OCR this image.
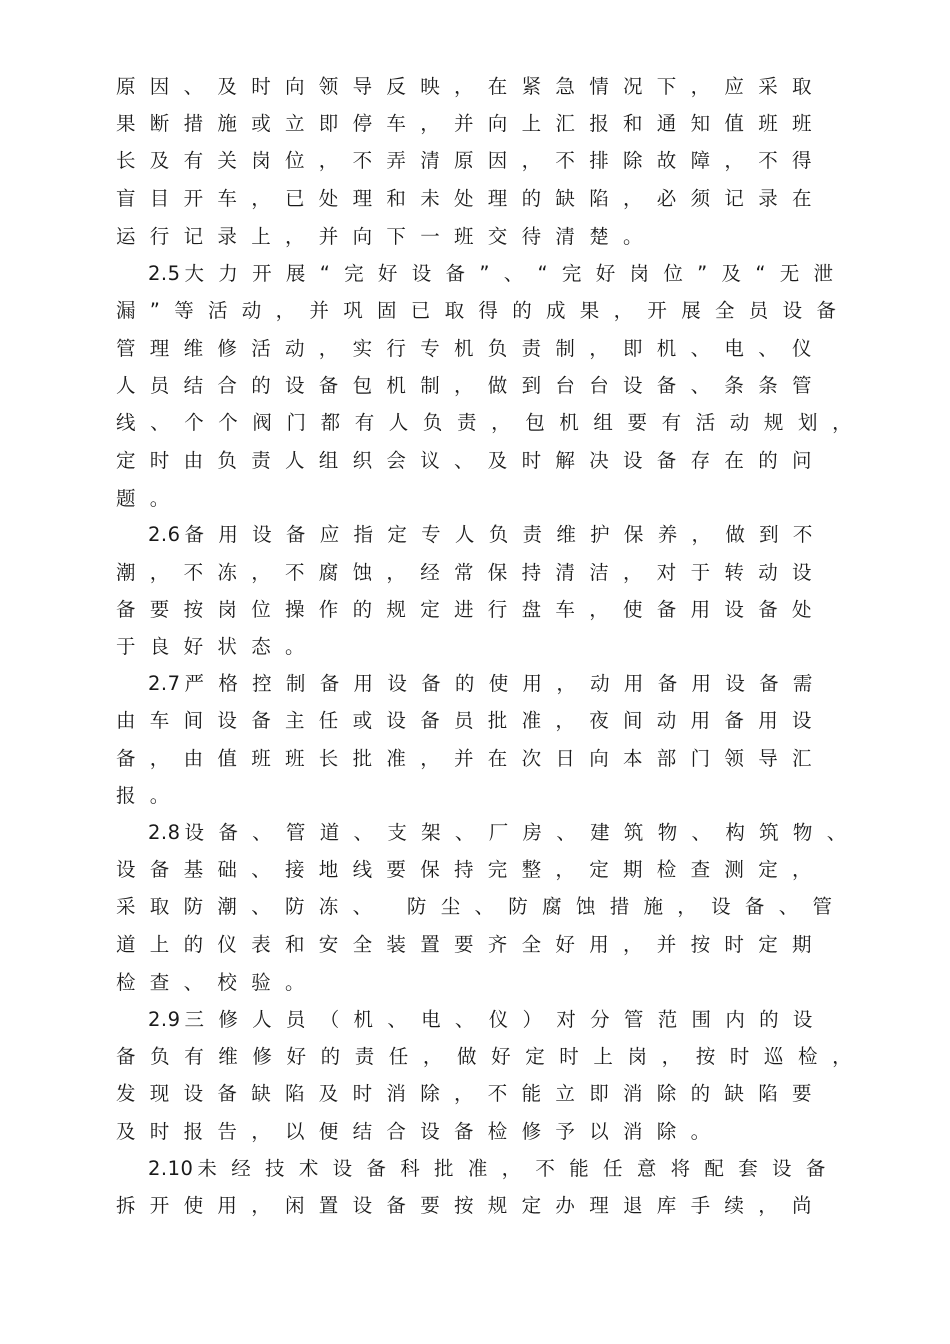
原因、及时向领导反映，在紧急情况下，应采取
果断措施或立即停车，并向上汇报和通知值班班
长及有关岗位，不弄清原因，不排除故障，不得
盲目开车，已处理和未处理的缺陷，必须记录在
运行记录上，并向下一班交待清楚。
2.5 大力开展“完好设备”、“完好岗位”及“无泄
漏”等活动，并巩固已取得的成果，开展全员设备
管理维修活动，实行专机负责制，即机、电、仪
人员结合的设备包机制，做到台台设备、条条管
线、个个阀门都有人负责，包机组要有活动规划，
定时由负责人组织会议、及时解决设备存在的问
题。
2.6 备用设备应指定专人负责维护保养，做到不
潮，不冻，不腐蚀，经常保持清洁，对于转动设
备要按岗位操作的规定进行盘车，使备用设备处
于良好状态。
2.7 严格控制备用设备的使用，动用备用设备需
由车间设备主任或设备员批准，夜间动用备用设
备，由值班班长批准，并在次日向本部门领导汇
报。
2.8 设备、管道、支架、厂房、建筑物、构筑物、
设备基础、接地线要保持完整，定期检查测定，
采取防潮、防冻、 防尘、防腐蚀措施，设备、管
道上的仪表和安全装置要齐全好用，并按时定期
检查、校验。
2.9 三修人员（机、电、仪）对分管范围内的设
备负有维修好的责任，做好定时上岗，按时巡检，
发现设备缺陷及时消除，不能立即消除的缺陷要
及时报告，以便结合设备检修予以消除。
2.10 未经技术设备科批准，不能任意将配套设备
拆开使用，闲置设备要按规定办理退库手续，尚
